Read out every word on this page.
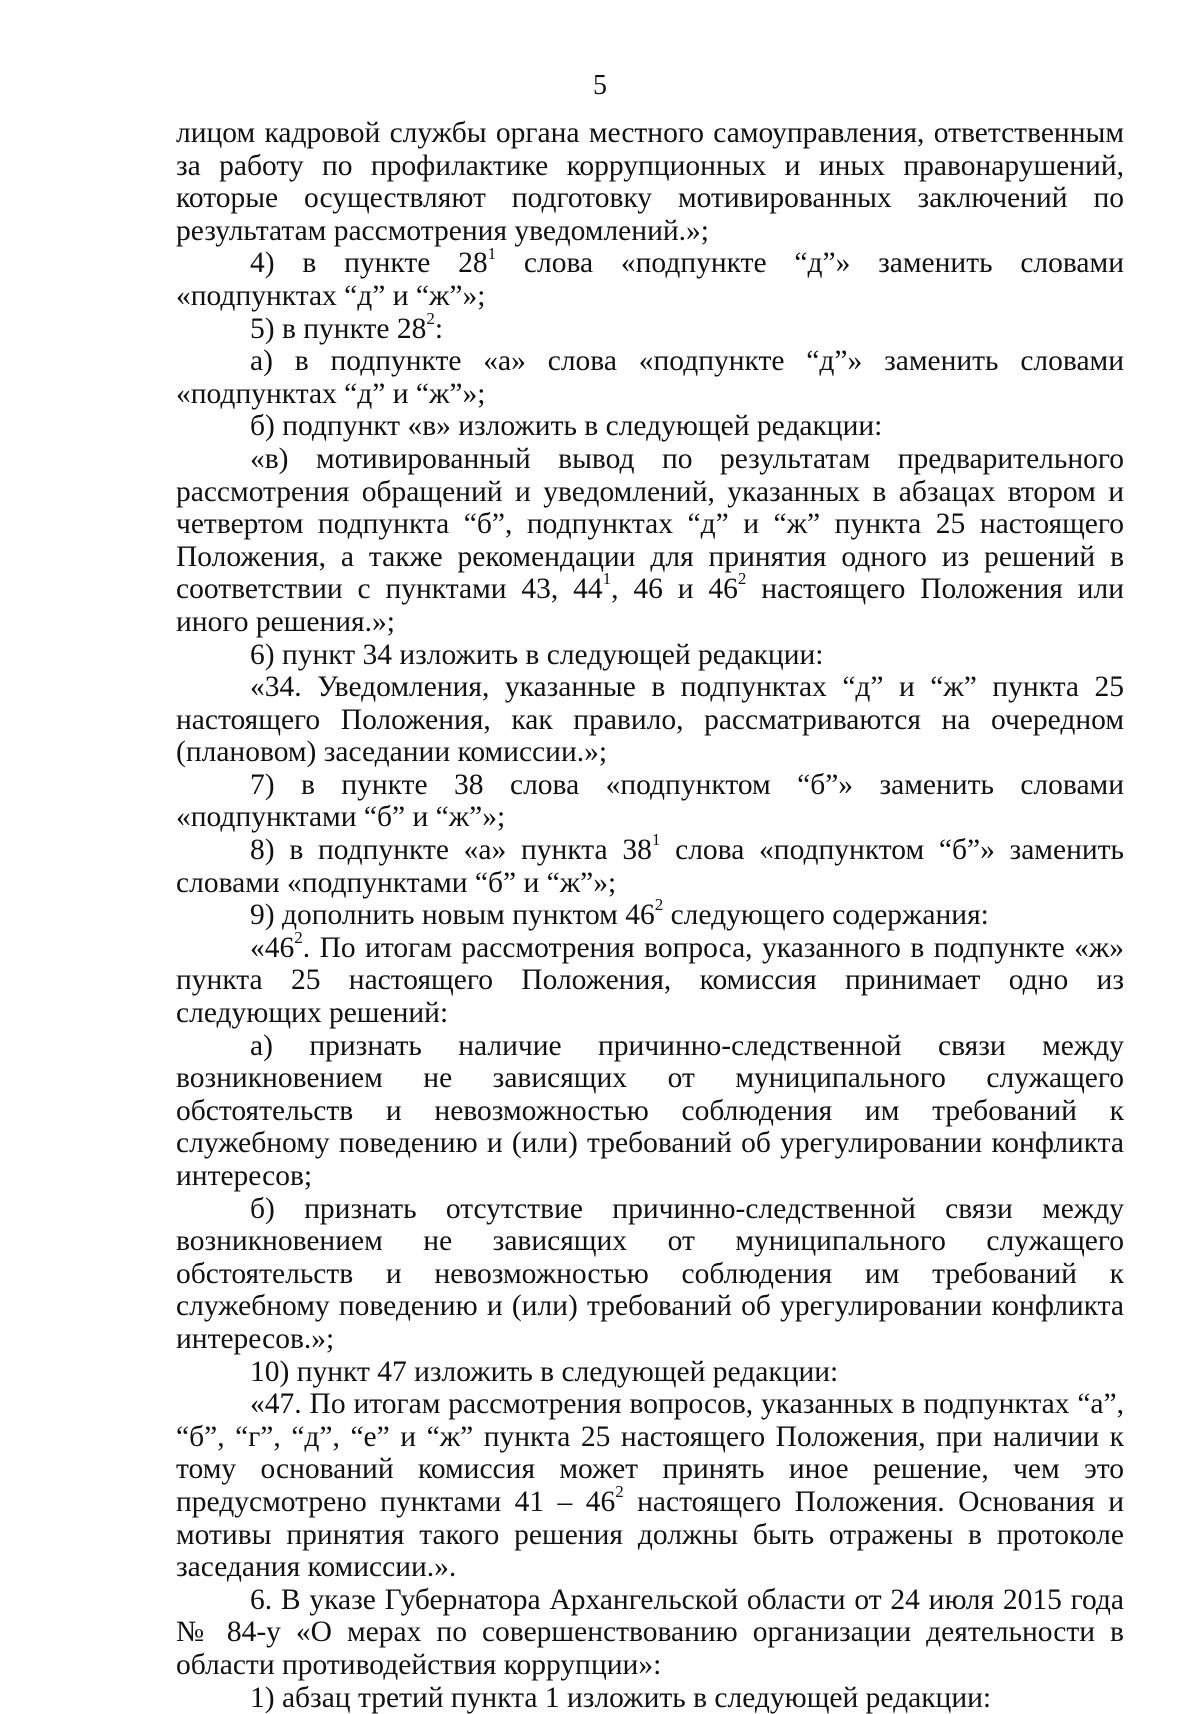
5

лицом кадровой службы органа местного самоуправления, ответственным за работу по профилактике коррупционных и иных правонарушений, которые осуществляют подготовку мотивированных заключений по результатам рассмотрения уведомлений.»;

4) в пункте $28^1$ слова «подпункте “д”» заменить словами «подпунктах “д” и “ж”»;

5) в пункте $28^2$:

а) в подпункте «а» слова «подпункте “д”» заменить словами «подпунктах “д” и “ж”»;

б) подпункт «в» изложить в следующей редакции:

«в) мотивированный вывод по результатам предварительного рассмотрения обращений и уведомлений, указанных в абзацах втором и четвертом подпункта “б”, подпунктах “д” и “ж” пункта 25 настоящего Положения, а также рекомендации для принятия одного из решений в соответствии с пунктами 43, $44^1$, 46 и $46^2$ настоящего Положения или иного решения.»;

6) пункт 34 изложить в следующей редакции:

«34. Уведомления, указанные в подпунктах “д” и “ж” пункта 25 настоящего Положения, как правило, рассматриваются на очередном (плановом) заседании комиссии.»;

7) в пункте 38 слова «подпунктом “б”» заменить словами «подпунктами “б” и “ж”»;

8) в подпункте «а» пункта $38^1$ слова «подпунктом “б”» заменить словами «подпунктами “б” и “ж”»;

9) дополнить новым пунктом $46^2$ следующего содержания:

«$46^2$. По итогам рассмотрения вопроса, указанного в подпункте «ж» пункта 25 настоящего Положения, комиссия принимает одно из следующих решений:

а) признать наличие причинно-следственной связи между возникновением не зависящих от муниципального служащего обстоятельств и невозможностью соблюдения им требований к служебному поведению и (или) требований об урегулировании конфликта интересов;

б) признать отсутствие причинно-следственной связи между возникновением не зависящих от муниципального служащего обстоятельств и невозможностью соблюдения им требований к служебному поведению и (или) требований об урегулировании конфликта интересов.»;

10) пункт 47 изложить в следующей редакции:

«47. По итогам рассмотрения вопросов, указанных в подпунктах “а”, “б”, “г”, “д”, “е” и “ж” пункта 25 настоящего Положения, при наличии к тому оснований комиссия может принять иное решение, чем это предусмотрено пунктами $41 - 46^2$ настоящего Положения. Основания и мотивы принятия такого решения должны быть отражены в протоколе заседания комиссии.».

6. В указе Губернатора Архангельской области от 24 июля 2015 года № 84-у «О мерах по совершенствованию организации деятельности в области противодействия коррупции»:

1) абзац третий пункта 1 изложить в следующей редакции:
